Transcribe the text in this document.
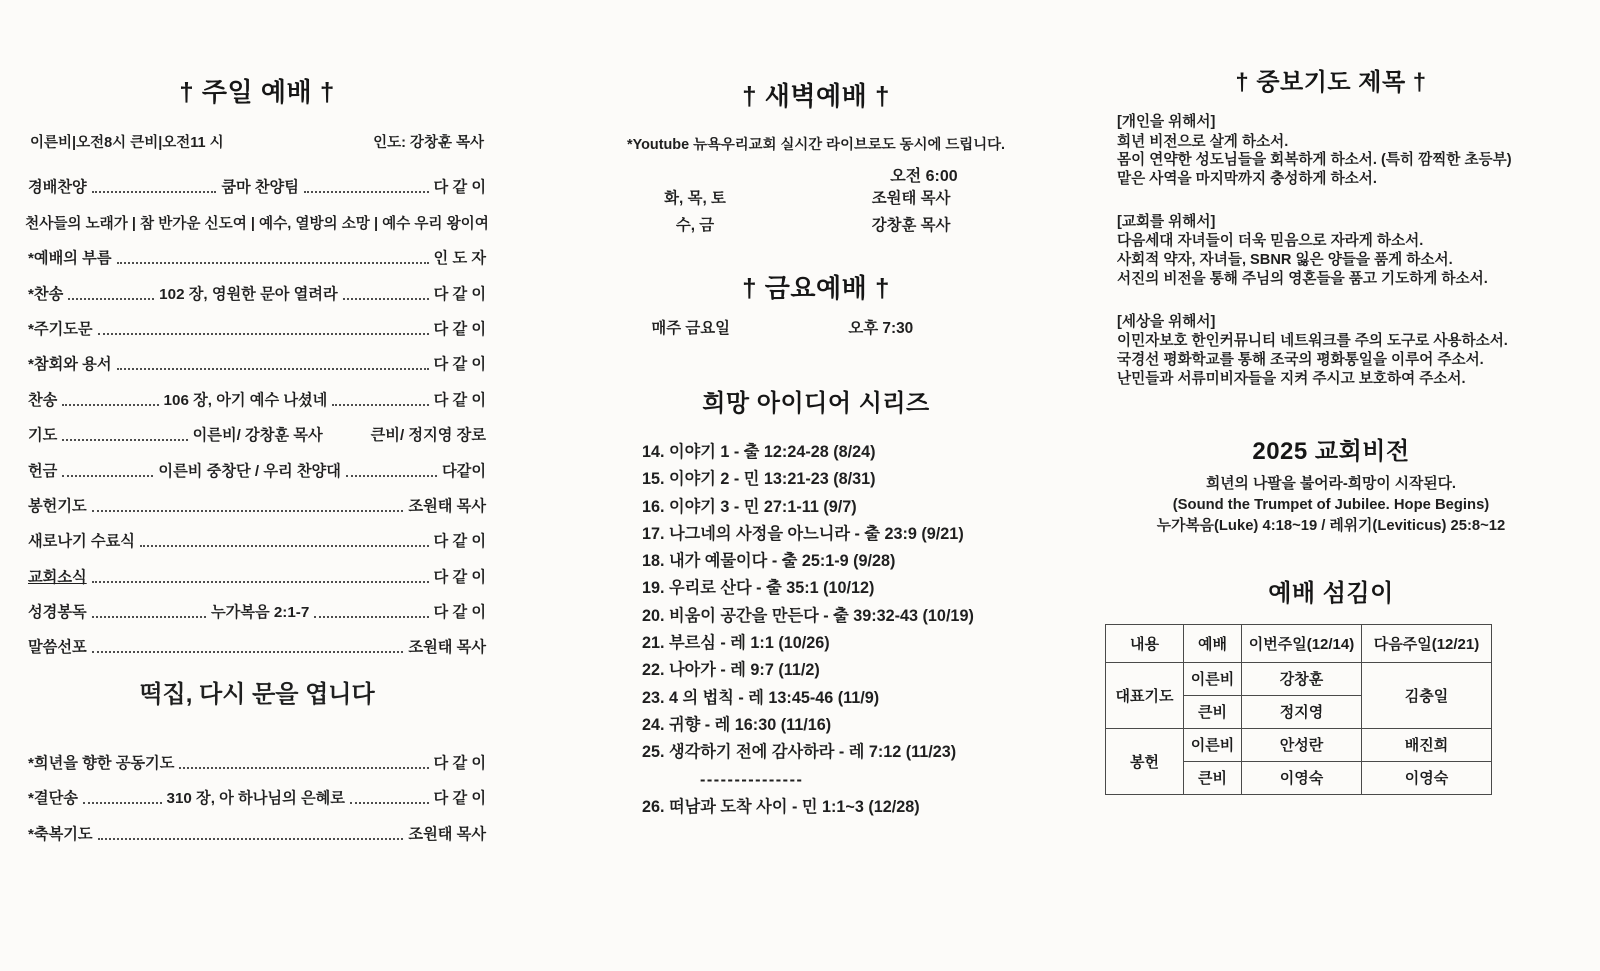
† 주일 예배 †
이른비|오전8시 큰비|오전11 시	인도: 강창훈 목사
경배찬양	쿰마 찬양팀	다 같 이
천사들의 노래가 | 참 반가운 신도여 | 예수, 열방의 소망 | 예수 우리 왕이여
*예배의 부름	인 도 자
*찬송	102 장, 영원한 문아 열려라	다 같 이
*주기도문	다 같 이
*참회와 용서	다 같 이
찬송	106 장, 아기 예수 나셨네	다 같 이
기도	이른비/ 강창훈 목사	큰비/ 정지영 장로
헌금	이른비 중창단 / 우리 찬양대	다같이
봉헌기도	조원태 목사
새로나기 수료식	다 같 이
교회소식	다 같 이
성경봉독	누가복음 2:1-7	다 같 이
말씀선포	조원태 목사
떡집, 다시 문을 엽니다
*희년을 향한 공동기도	다 같 이
*결단송	310 장, 아 하나님의 은혜로	다 같 이
*축복기도	조원태 목사
† 새벽예배 †
*Youtube 뉴욕우리교회 실시간 라이브로도 동시에 드립니다.
오전 6:00
화, 목, 토	조원태 목사
수, 금	강창훈 목사
† 금요예배 †
매주 금요일	오후 7:30
희망 아이디어 시리즈
14. 이야기 1 - 출 12:24-28 (8/24)
15. 이야기 2 - 민 13:21-23 (8/31)
16. 이야기 3 - 민 27:1-11 (9/7)
17. 나그네의 사정을 아느니라 - 출 23:9 (9/21)
18. 내가 예물이다 - 출 25:1-9 (9/28)
19. 우리로 산다 - 출 35:1 (10/12)
20. 비움이 공간을 만든다 - 출 39:32-43 (10/19)
21. 부르심 - 레 1:1 (10/26)
22. 나아가 - 레 9:7 (11/2)
23. 4 의 법칙 - 레 13:45-46 (11/9)
24. 귀향 - 레 16:30 (11/16)
25. 생각하기 전에 감사하라 - 레 7:12 (11/23)
---------------
26. 떠남과 도착 사이 - 민 1:1~3 (12/28)
† 중보기도 제목 †
[개인을 위해서]
희년 비전으로 살게 하소서.
몸이 연약한 성도님들을 회복하게 하소서. (특히 깜찍한 초등부)
맡은 사역을 마지막까지 충성하게 하소서.
[교회를 위해서]
다음세대 자녀들이 더욱 믿음으로 자라게 하소서.
사회적 약자, 자녀들, SBNR 잃은 양들을 품게 하소서.
서진의 비전을 통해 주님의 영혼들을 품고 기도하게 하소서.
[세상을 위해서]
이민자보호 한인커뮤니티 네트워크를 주의 도구로 사용하소서.
국경선 평화학교를 통해 조국의 평화통일을 이루어 주소서.
난민들과 서류미비자들을 지켜 주시고 보호하여 주소서.
2025 교회비전
희년의 나팔을 불어라-희망이 시작된다.
(Sound the Trumpet of Jubilee. Hope Begins)
누가복음(Luke) 4:18~19 / 레위기(Leviticus) 25:8~12
예배 섬김이
내용	예배	이번주일(12/14)	다음주일(12/21)
대표기도	이른비	강창훈	김충일
	큰비	정지영	
봉헌	이른비	안성란	배진희
	큰비	이영숙	이영숙
